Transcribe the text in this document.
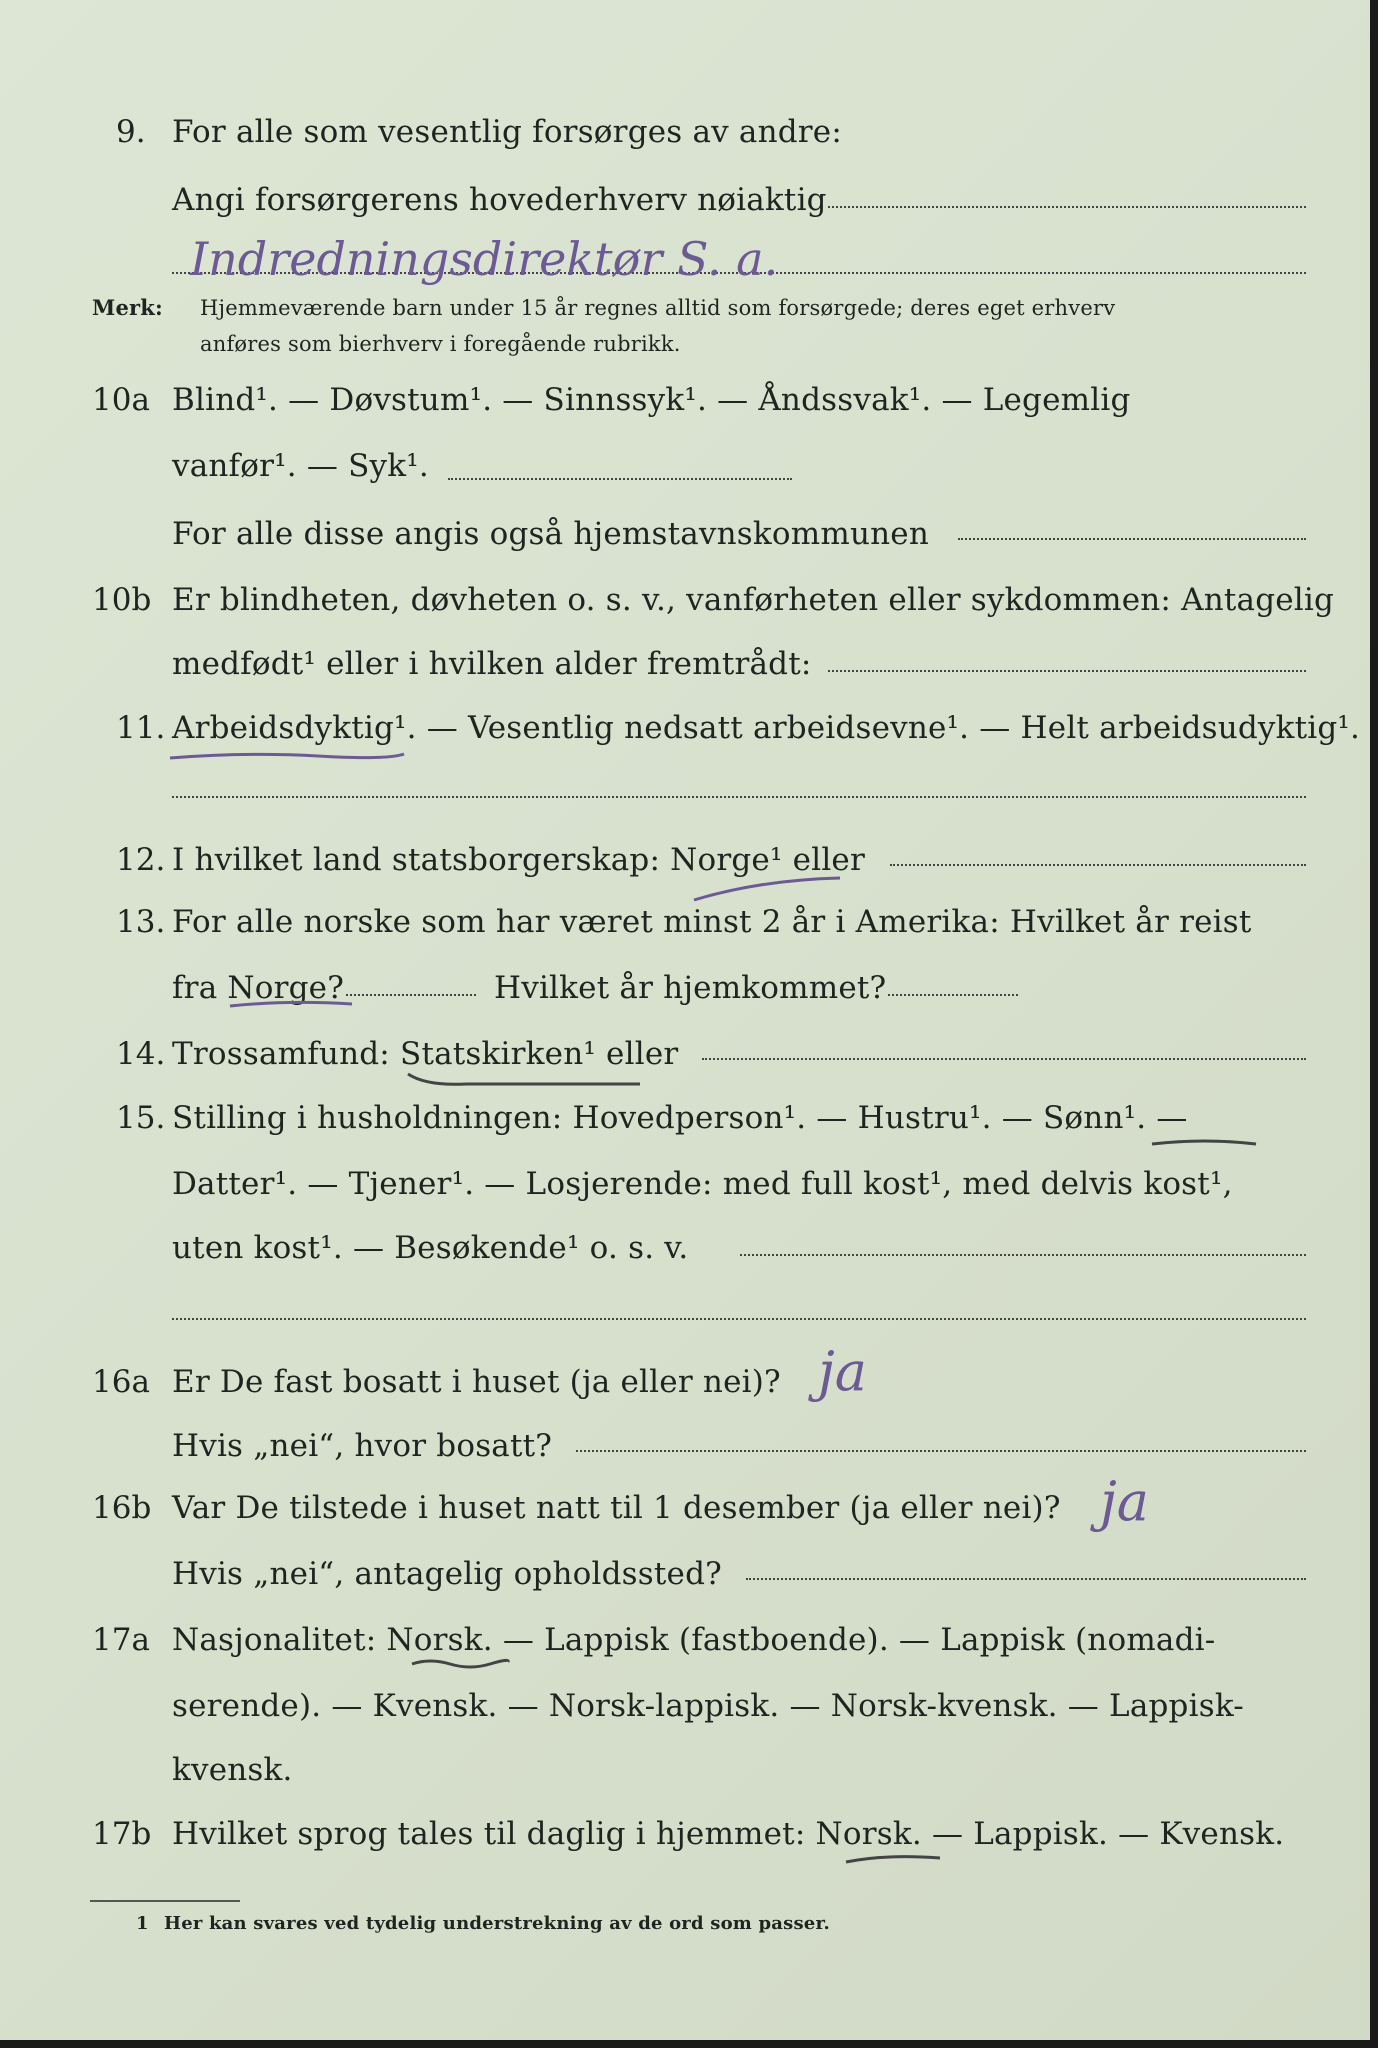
9. For alle som vesentlig forsørges av andre:
Angi forsørgerens hovederhverv nøiaktig
Indredningsdirektør S. a.
Merk: Hjemmeværende barn under 15 år regnes alltid som forsørgede; deres eget erhverv
anføres som bierhverv i foregående rubrikk.
10a Blind¹. — Døvstum¹. — Sinnssyk¹. — Åndssvak¹. — Legemlig
vanfør¹. — Syk¹.
For alle disse angis også hjemstavnskommunen
10b Er blindheten, døvheten o. s. v., vanførheten eller sykdommen: Antagelig
medfødt¹ eller i hvilken alder fremtrådt:
11. Arbeidsdyktig¹. — Vesentlig nedsatt arbeidsevne¹. — Helt arbeidsudyktig¹.
12. I hvilket land statsborgerskap: Norge¹ eller
13. For alle norske som har været minst 2 år i Amerika: Hvilket år reist
fra Norge?	Hvilket år hjemkommet?
14. Trossamfund: Statskirken¹ eller
15. Stilling i husholdningen: Hovedperson¹. — Hustru¹. — Sønn¹. —
Datter¹. — Tjener¹. — Losjerende: med full kost¹, med delvis kost¹,
uten kost¹. — Besøkende¹ o. s. v.
16a Er De fast bosatt i huset (ja eller nei)? ja
Hvis „nei“, hvor bosatt?
16b Var De tilstede i huset natt til 1 desember (ja eller nei)? ja
Hvis „nei“, antagelig opholdssted?
17a Nasjonalitet: Norsk. — Lappisk (fastboende). — Lappisk (nomadi-
serende). — Kvensk. — Norsk-lappisk. — Norsk-kvensk. — Lappisk-
kvensk.
17b Hvilket sprog tales til daglig i hjemmet: Norsk. — Lappisk. — Kvensk.
1 Her kan svares ved tydelig understrekning av de ord som passer.
